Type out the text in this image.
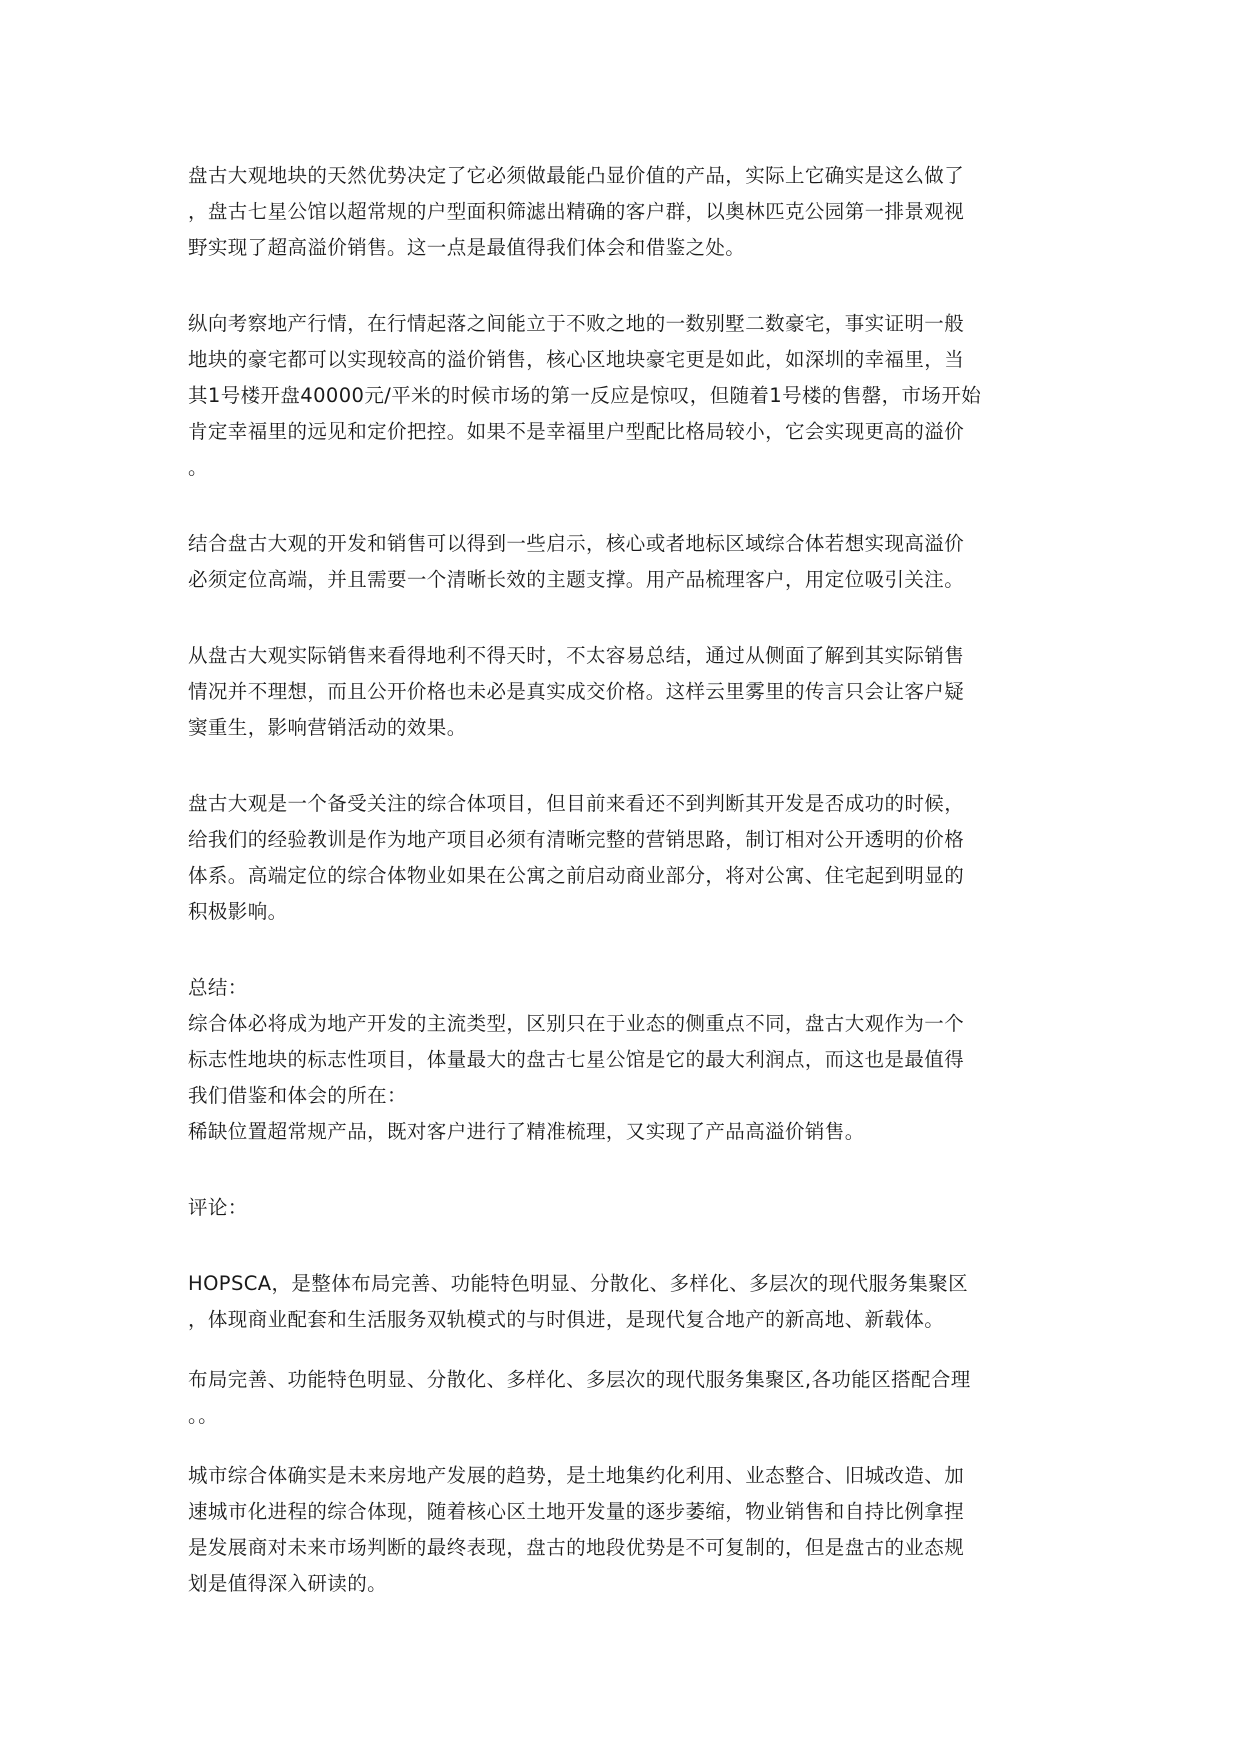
盘古大观地块的天然优势决定了它必须做最能凸显价值的产品，实际上它确实是这么做了

，盘古七星公馆以超常规的户型面积筛滤出精确的客户群，以奥林匹克公园第一排景观视

野实现了超高溢价销售。这一点是最值得我们体会和借鉴之处。

纵向考察地产行情，在行情起落之间能立于不败之地的一数别墅二数豪宅，事实证明一般

地块的豪宅都可以实现较高的溢价销售，核心区地块豪宅更是如此，如深圳的幸福里，当

其1号楼开盘40000元/平米的时候市场的第一反应是惊叹，但随着1号楼的售罄，市场开始

肯定幸福里的远见和定价把控。如果不是幸福里户型配比格局较小，它会实现更高的溢价

。

结合盘古大观的开发和销售可以得到一些启示，核心或者地标区域综合体若想实现高溢价

必须定位高端，并且需要一个清晰长效的主题支撑。用产品梳理客户，用定位吸引关注。

从盘古大观实际销售来看得地利不得天时，不太容易总结，通过从侧面了解到其实际销售

情况并不理想，而且公开价格也未必是真实成交价格。这样云里雾里的传言只会让客户疑

窦重生，影响营销活动的效果。

盘古大观是一个备受关注的综合体项目，但目前来看还不到判断其开发是否成功的时候，

给我们的经验教训是作为地产项目必须有清晰完整的营销思路，制订相对公开透明的价格

体系。高端定位的综合体物业如果在公寓之前启动商业部分，将对公寓、住宅起到明显的

积极影响。

总结：

综合体必将成为地产开发的主流类型，区别只在于业态的侧重点不同，盘古大观作为一个

标志性地块的标志性项目，体量最大的盘古七星公馆是它的最大利润点，而这也是最值得

我们借鉴和体会的所在：

稀缺位置超常规产品，既对客户进行了精准梳理，又实现了产品高溢价销售。

评论：

HOPSCA，是整体布局完善、功能特色明显、分散化、多样化、多层次的现代服务集聚区

，体现商业配套和生活服务双轨模式的与时俱进，是现代复合地产的新高地、新载体。

布局完善、功能特色明显、分散化、多样化、多层次的现代服务集聚区,各功能区搭配合理

。。

城市综合体确实是未来房地产发展的趋势，是土地集约化利用、业态整合、旧城改造、加

速城市化进程的综合体现，随着核心区土地开发量的逐步萎缩，物业销售和自持比例拿捏

是发展商对未来市场判断的最终表现，盘古的地段优势是不可复制的，但是盘古的业态规

划是值得深入研读的。
